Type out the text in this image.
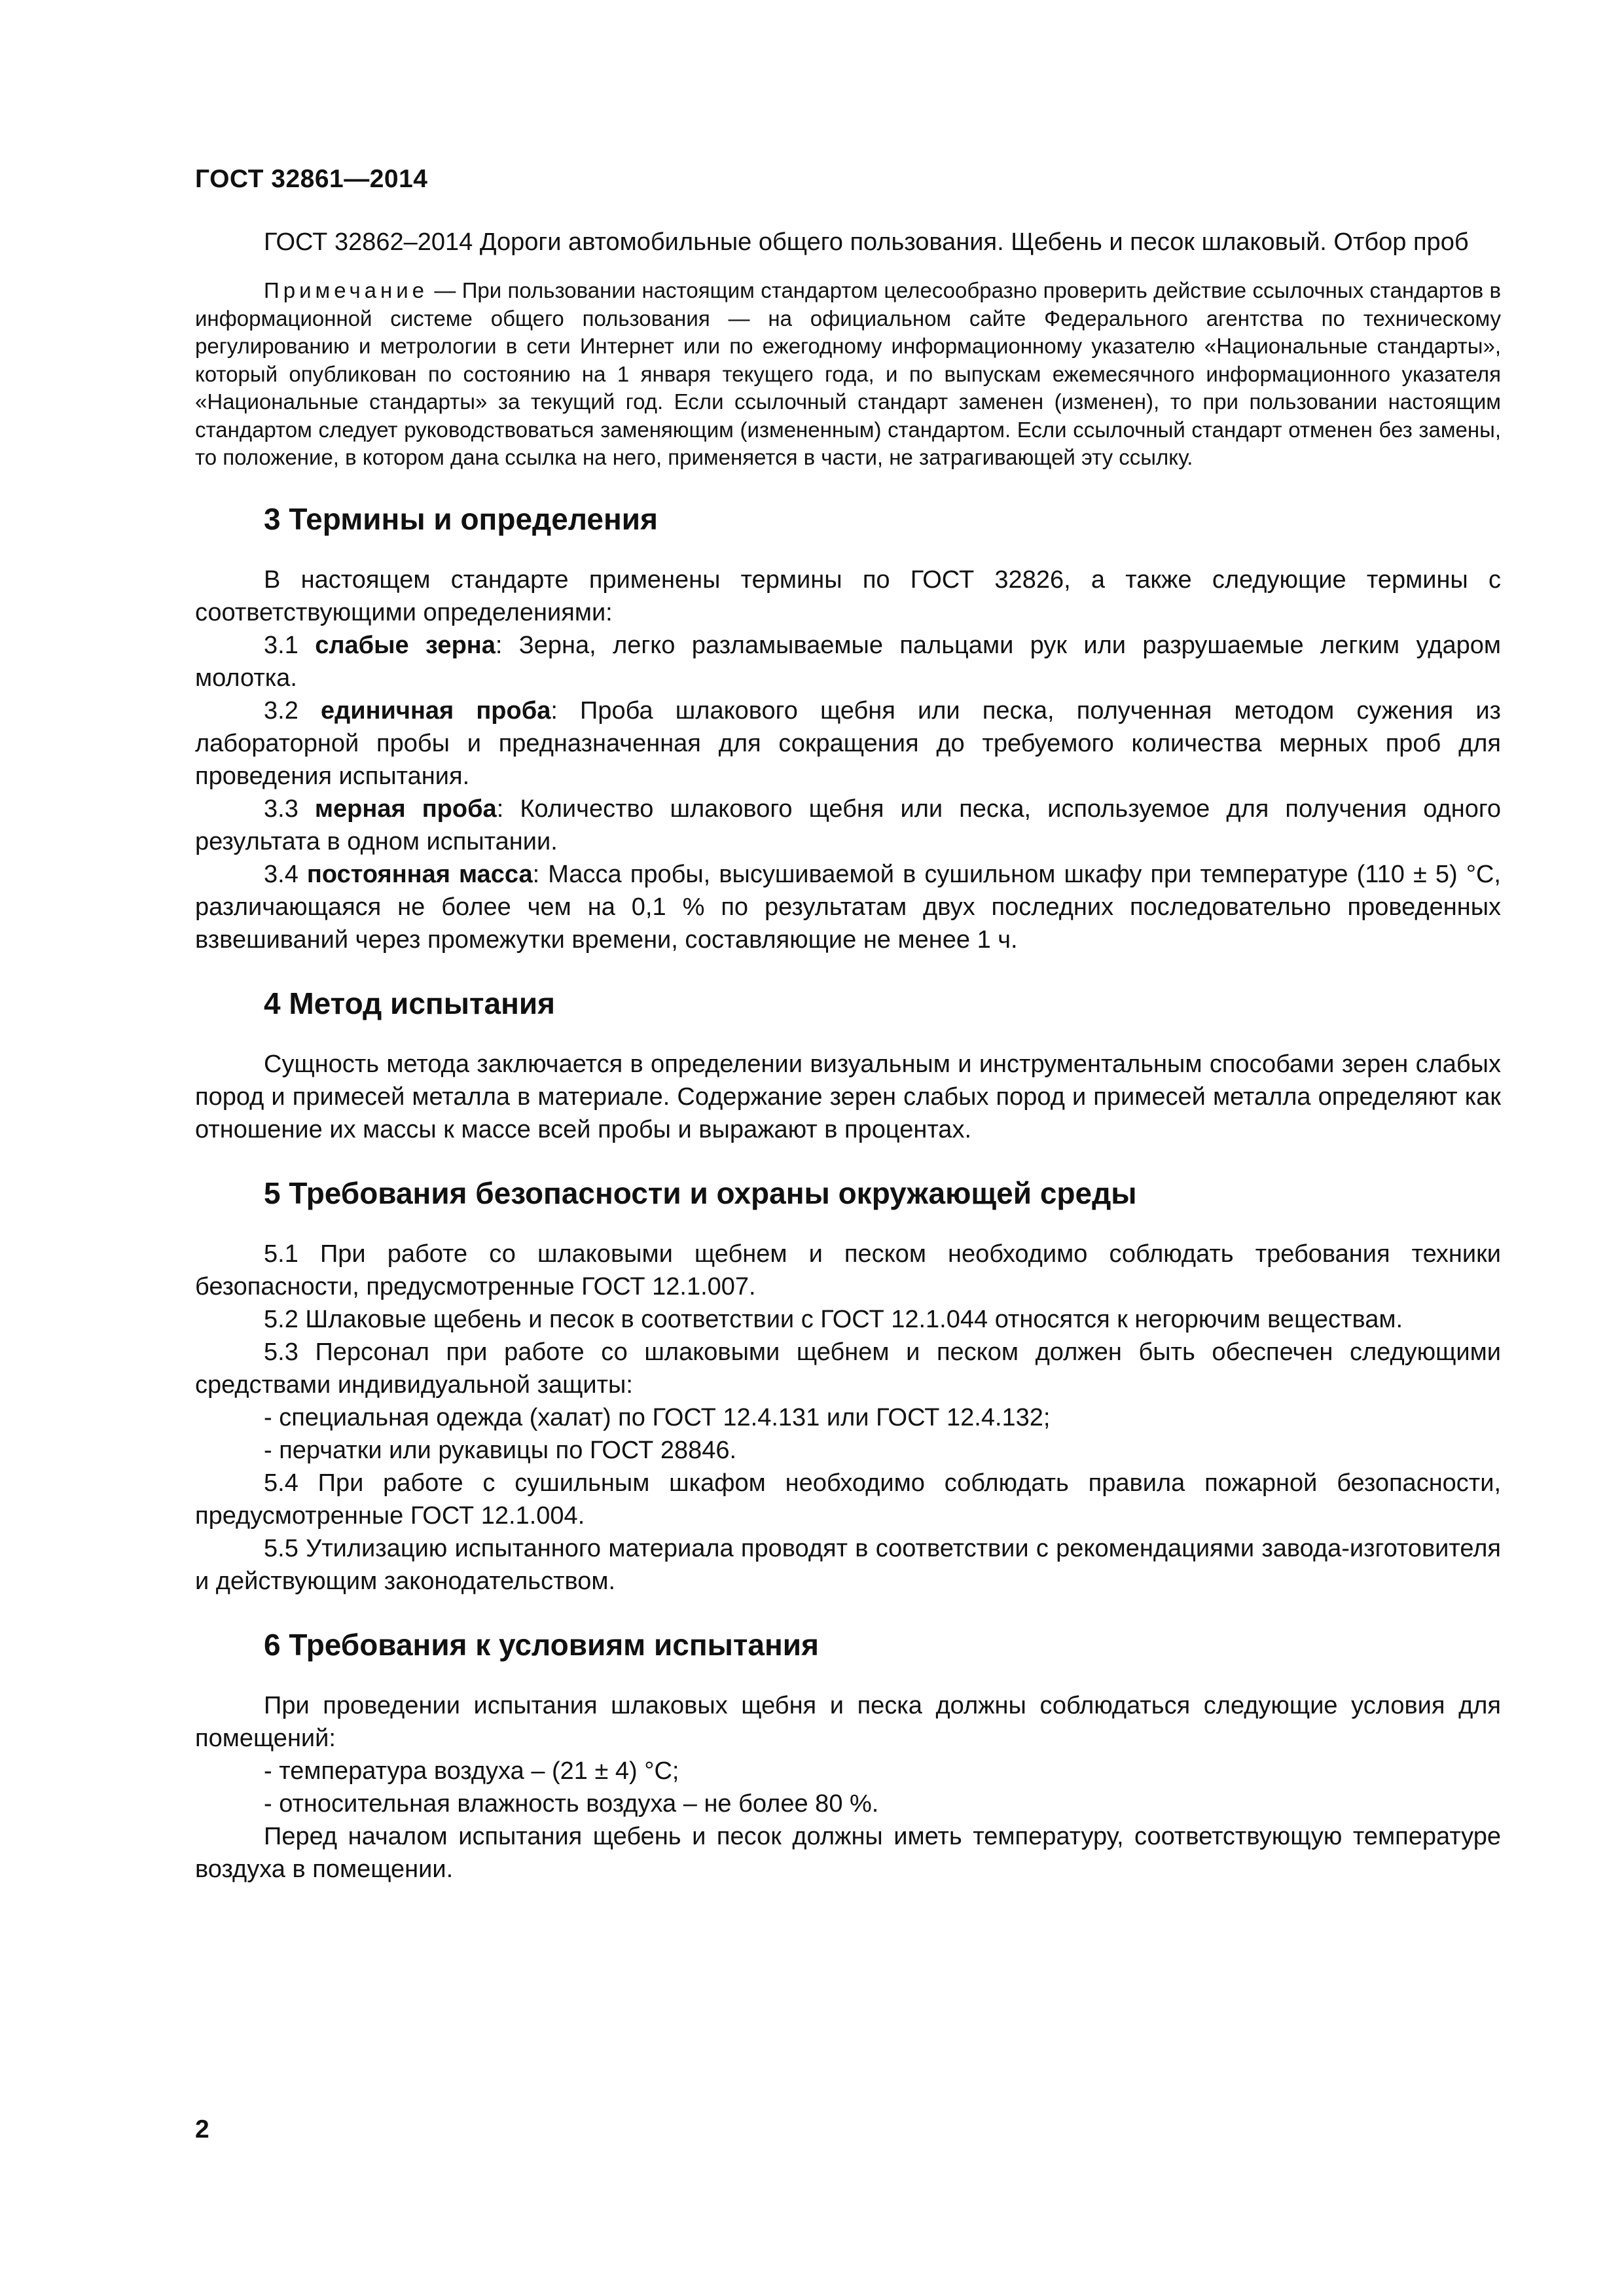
ГОСТ 32861—2014

ГОСТ 32862–2014 Дороги автомобильные общего пользования. Щебень и песок шлаковый. Отбор проб

Примечание — При пользовании настоящим стандартом целесообразно проверить действие ссылочных стандартов в информационной системе общего пользования — на официальном сайте Федерального агентства по техническому регулированию и метрологии в сети Интернет или по ежегодному информационному указателю «Национальные стандарты», который опубликован по состоянию на 1 января текущего года, и по выпускам ежемесячного информационного указателя «Национальные стандарты» за текущий год. Если ссылочный стандарт заменен (изменен), то при пользовании настоящим стандартом следует руководствоваться заменяющим (измененным) стандартом. Если ссылочный стандарт отменен без замены, то положение, в котором дана ссылка на него, применяется в части, не затрагивающей эту ссылку.

3 Термины и определения

В настоящем стандарте применены термины по ГОСТ 32826, а также следующие термины с соответствующими определениями:

3.1 слабые зерна: Зерна, легко разламываемые пальцами рук или разрушаемые легким ударом молотка.

3.2 единичная проба: Проба шлакового щебня или песка, полученная методом сужения из лабораторной пробы и предназначенная для сокращения до требуемого количества мерных проб для проведения испытания.

3.3 мерная проба: Количество шлакового щебня или песка, используемое для получения одного результата в одном испытании.

3.4 постоянная масса: Масса пробы, высушиваемой в сушильном шкафу при температуре (110 ± 5) °С, различающаяся не более чем на 0,1 % по результатам двух последних последовательно проведенных взвешиваний через промежутки времени, составляющие не менее 1 ч.

4 Метод испытания

Сущность метода заключается в определении визуальным и инструментальным способами зерен слабых пород и примесей металла в материале. Содержание зерен слабых пород и примесей металла определяют как отношение их массы к массе всей пробы и выражают в процентах.

5 Требования безопасности и охраны окружающей среды

5.1 При работе со шлаковыми щебнем и песком необходимо соблюдать требования техники безопасности, предусмотренные ГОСТ 12.1.007.

5.2 Шлаковые щебень и песок в соответствии с ГОСТ 12.1.044 относятся к негорючим веществам.

5.3 Персонал при работе со шлаковыми щебнем и песком должен быть обеспечен следующими средствами индивидуальной защиты:

- специальная одежда (халат) по ГОСТ 12.4.131 или ГОСТ 12.4.132;

- перчатки или рукавицы по ГОСТ 28846.

5.4 При работе с сушильным шкафом необходимо соблюдать правила пожарной безопасности, предусмотренные ГОСТ 12.1.004.

5.5 Утилизацию испытанного материала проводят в соответствии с рекомендациями завода-изготовителя и действующим законодательством.

6 Требования к условиям испытания

При проведении испытания шлаковых щебня и песка должны соблюдаться следующие условия для помещений:

- температура воздуха – (21 ± 4) °С;

- относительная влажность воздуха – не более 80 %.

Перед началом испытания щебень и песок должны иметь температуру, соответствующую температуре воздуха в помещении.

2
